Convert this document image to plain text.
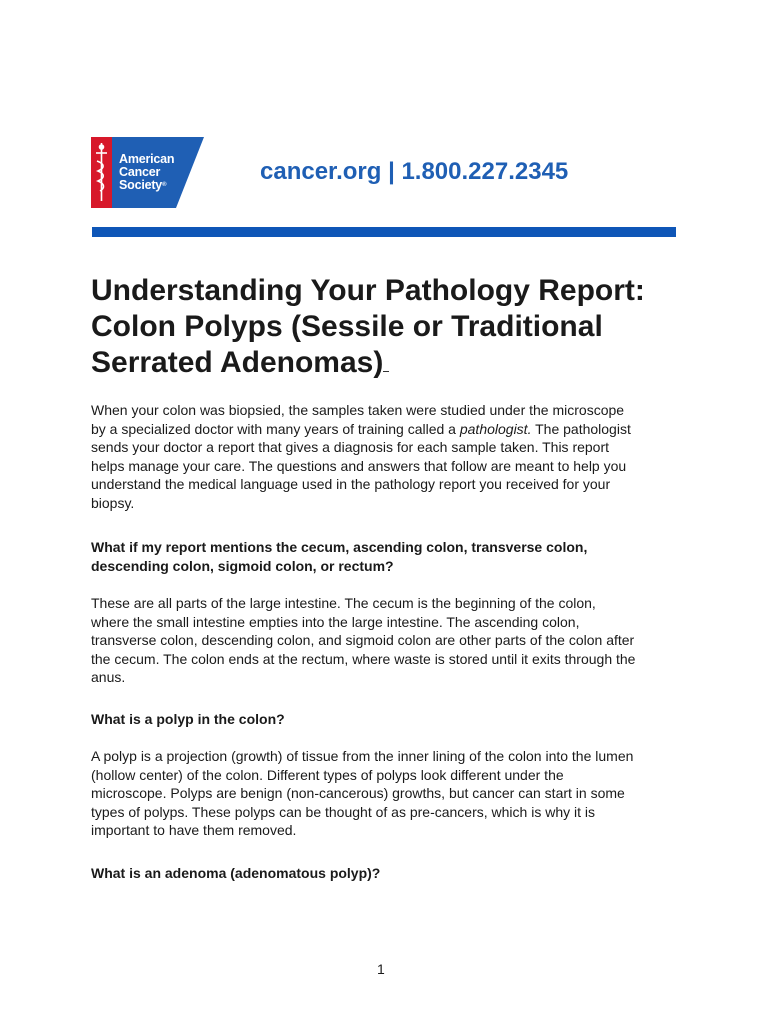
American
Cancer
Society®	cancer.org | 1.800.227.2345
Understanding Your Pathology Report:
Colon Polyps (Sessile or Traditional
Serrated Adenomas)

When your colon was biopsied, the samples taken were studied under the microscope
by a specialized doctor with many years of training called a pathologist. The pathologist
sends your doctor a report that gives a diagnosis for each sample taken. This report
helps manage your care. The questions and answers that follow are meant to help you
understand the medical language used in the pathology report you received for your
biopsy.

What if my report mentions the cecum, ascending colon, transverse colon,
descending colon, sigmoid colon, or rectum?

These are all parts of the large intestine. The cecum is the beginning of the colon,
where the small intestine empties into the large intestine. The ascending colon,
transverse colon, descending colon, and sigmoid colon are other parts of the colon after
the cecum. The colon ends at the rectum, where waste is stored until it exits through the
anus.

What is a polyp in the colon?

A polyp is a projection (growth) of tissue from the inner lining of the colon into the lumen
(hollow center) of the colon. Different types of polyps look different under the
microscope. Polyps are benign (non-cancerous) growths, but cancer can start in some
types of polyps. These polyps can be thought of as pre-cancers, which is why it is
important to have them removed.

What is an adenoma (adenomatous polyp)?

1
